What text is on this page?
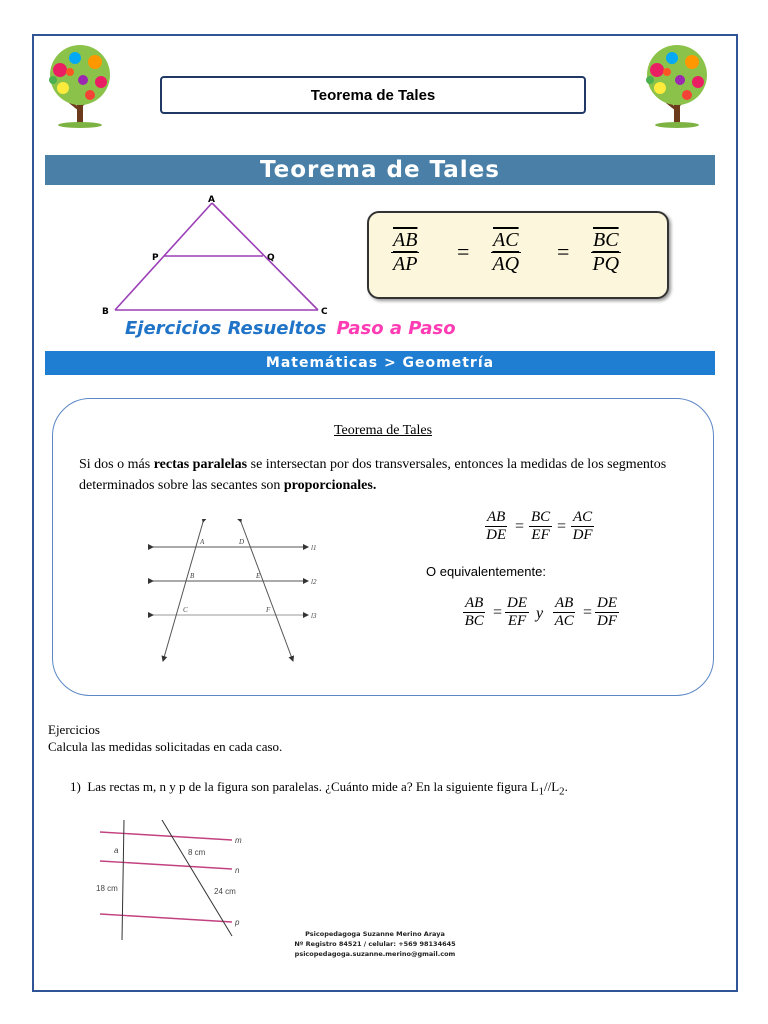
Teorema de Tales
Teorema de Tales
A
P	Q
B	C
$\frac{\overline{AB}}{AP} = \frac{\overline{AC}}{AQ} = \frac{\overline{BC}}{PQ}$
Ejercicios Resueltos Paso a Paso
Matemáticas > Geometría
Teorema de Tales
Si dos o más rectas paralelas se intersectan por dos transversales, entonces la medidas de los segmentos determinados sobre las secantes son proporcionales.
A	D
B	E
C	F
l1
l2
l3
$\frac{AB}{DE} = \frac{BC}{EF} = \frac{AC}{DF}$
O equivalentemente:
$\frac{AB}{BC} = \frac{DE}{EF}$ y $\frac{AB}{AC} = \frac{DE}{DF}$
Ejercicios
Calcula las medidas solicitadas en cada caso.
1) Las rectas m, n y p de la figura son paralelas. ¿Cuánto mide a? En la siguiente figura $L_1//L_2$.
m
n
p
a	8 cm
18 cm	24 cm
Psicopedagoga Suzanne Merino Araya
Nº Registro 84521 / celular: +569 98134645
psicopedagoga.suzanne.merino@gmail.com
